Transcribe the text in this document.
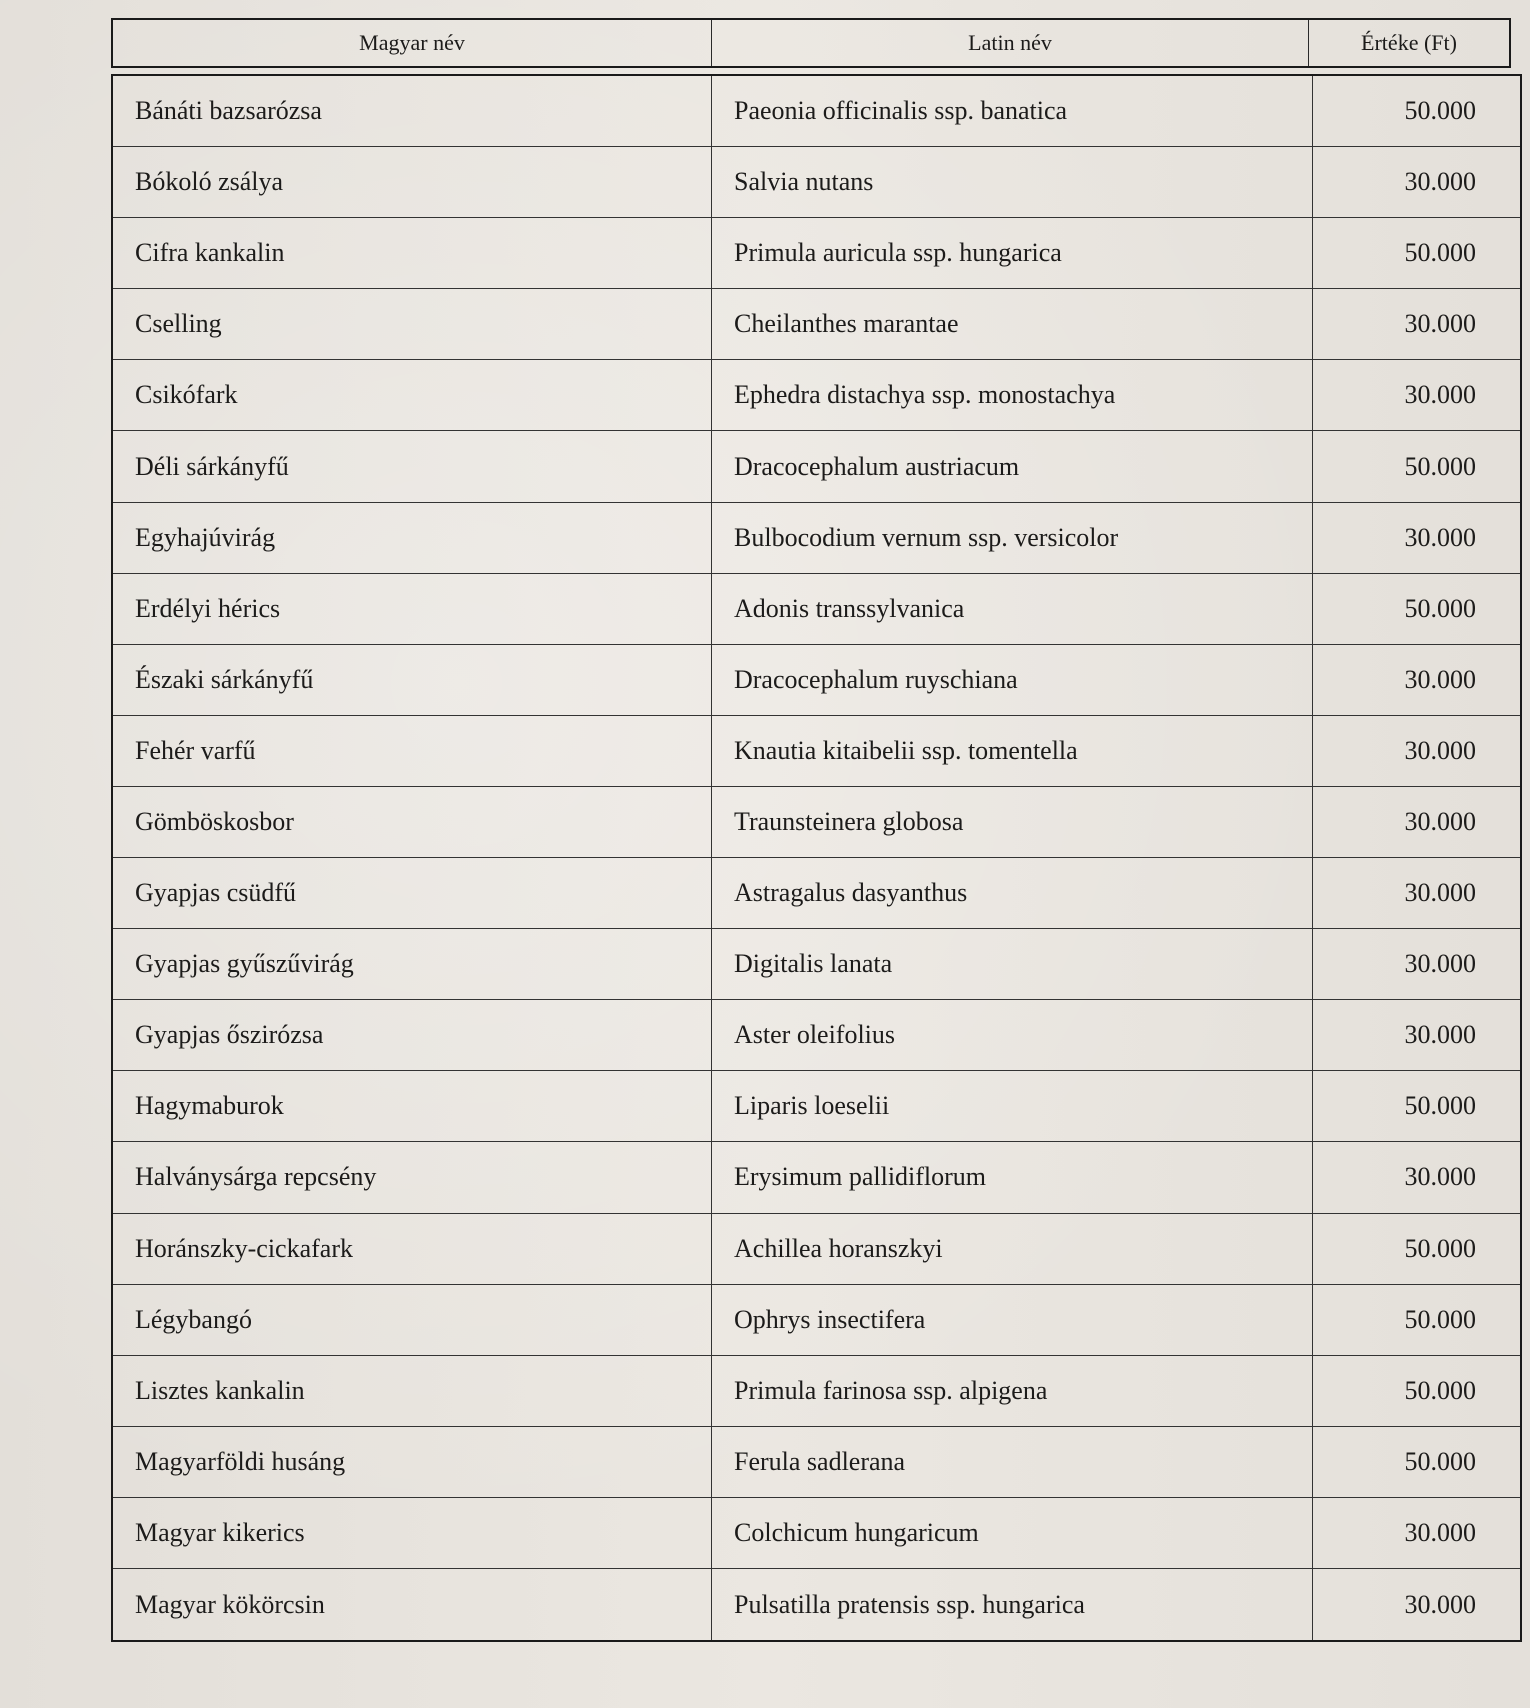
Magyar név	Latin név	Értéke (Ft)
Bánáti bazsarózsa	Paeonia officinalis ssp. banatica	50.000
Bókoló zsálya	Salvia nutans	30.000
Cifra kankalin	Primula auricula ssp. hungarica	50.000
Cselling	Cheilanthes marantae	30.000
Csikófark	Ephedra distachya ssp. monostachya	30.000
Déli sárkányfű	Dracocephalum austriacum	50.000
Egyhajúvirág	Bulbocodium vernum ssp. versicolor	30.000
Erdélyi hérics	Adonis transsylvanica	50.000
Északi sárkányfű	Dracocephalum ruyschiana	30.000
Fehér varfű	Knautia kitaibelii ssp. tomentella	30.000
Gömböskosbor	Traunsteinera globosa	30.000
Gyapjas csüdfű	Astragalus dasyanthus	30.000
Gyapjas gyűszűvirág	Digitalis lanata	30.000
Gyapjas őszirózsa	Aster oleifolius	30.000
Hagymaburok	Liparis loeselii	50.000
Halványsárga repcsény	Erysimum pallidiflorum	30.000
Horánszky-cickafark	Achillea horanszkyi	50.000
Légybangó	Ophrys insectifera	50.000
Lisztes kankalin	Primula farinosa ssp. alpigena	50.000
Magyarföldi husáng	Ferula sadlerana	50.000
Magyar kikerics	Colchicum hungaricum	30.000
Magyar kökörcsin	Pulsatilla pratensis ssp. hungarica	30.000
